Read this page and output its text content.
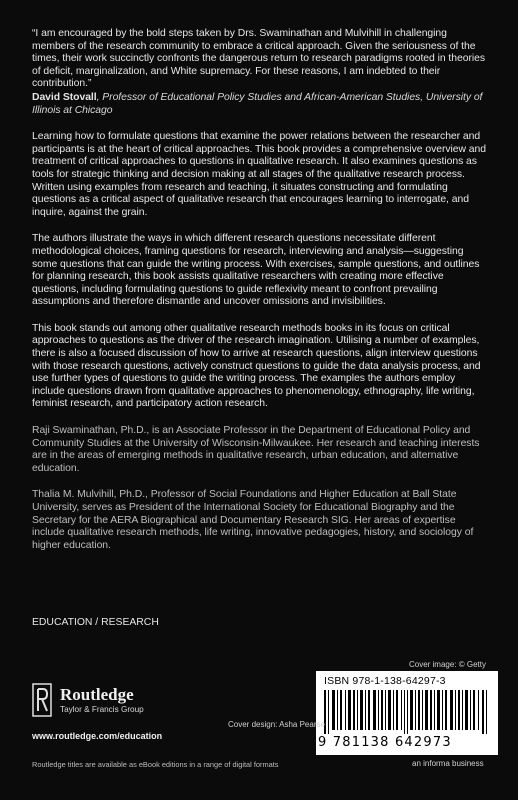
“I am encouraged by the bold steps taken by Drs. Swaminathan and Mulvihill in challenging members of the research community to embrace a critical approach. Given the seriousness of the times, their work succinctly confronts the dangerous return to research paradigms rooted in theories of deficit, marginalization, and White supremacy. For these reasons, I am indebted to their contribution.”

David Stovall, Professor of Educational Policy Studies and African-American Studies, University of Illinois at Chicago

Learning how to formulate questions that examine the power relations between the researcher and participants is at the heart of critical approaches. This book provides a comprehensive overview and treatment of critical approaches to questions in qualitative research. It also examines questions as tools for strategic thinking and decision making at all stages of the qualitative research process. Written using examples from research and teaching, it situates constructing and formulating questions as a critical aspect of qualitative research that encourages learning to interrogate, and inquire, against the grain.

The authors illustrate the ways in which different research questions necessitate different methodological choices, framing questions for research, interviewing and analysis—suggesting some questions that can guide the writing process. With exercises, sample questions, and outlines for planning research, this book assists qualitative researchers with creating more effective questions, including formulating questions to guide reflexivity meant to confront prevailing assumptions and therefore dismantle and uncover omissions and invisibilities.

This book stands out among other qualitative research methods books in its focus on critical approaches to questions as the driver of the research imagination. Utilising a number of examples, there is also a focused discussion of how to arrive at research questions, align interview questions with those research questions, actively construct questions to guide the data analysis process, and use further types of questions to guide the writing process. The examples the authors employ include questions drawn from qualitative approaches to phenomenology, ethnography, life writing, feminist research, and participatory action research.

Raji Swaminathan, Ph.D., is an Associate Professor in the Department of Educational Policy and Community Studies at the University of Wisconsin-Milwaukee. Her research and teaching interests are in the areas of emerging methods in qualitative research, urban education, and alternative education.

Thalia M. Mulvihill, Ph.D., Professor of Social Foundations and Higher Education at Ball State University, serves as President of the International Society for Educational Biography and the Secretary for the AERA Biographical and Documentary Research SIG. Her areas of expertise include qualitative research methods, life writing, innovative pedagogies, history, and sociology of higher education.

EDUCATION / RESEARCH
Cover image: © Getty
ISBN 978-1-138-64297-3
9 781138 642973
Routledge
Taylor & Francis Group
Cover design: Asha Pearse
www.routledge.com/education
Routledge titles are available as eBook editions in a range of digital formats	an informa business
